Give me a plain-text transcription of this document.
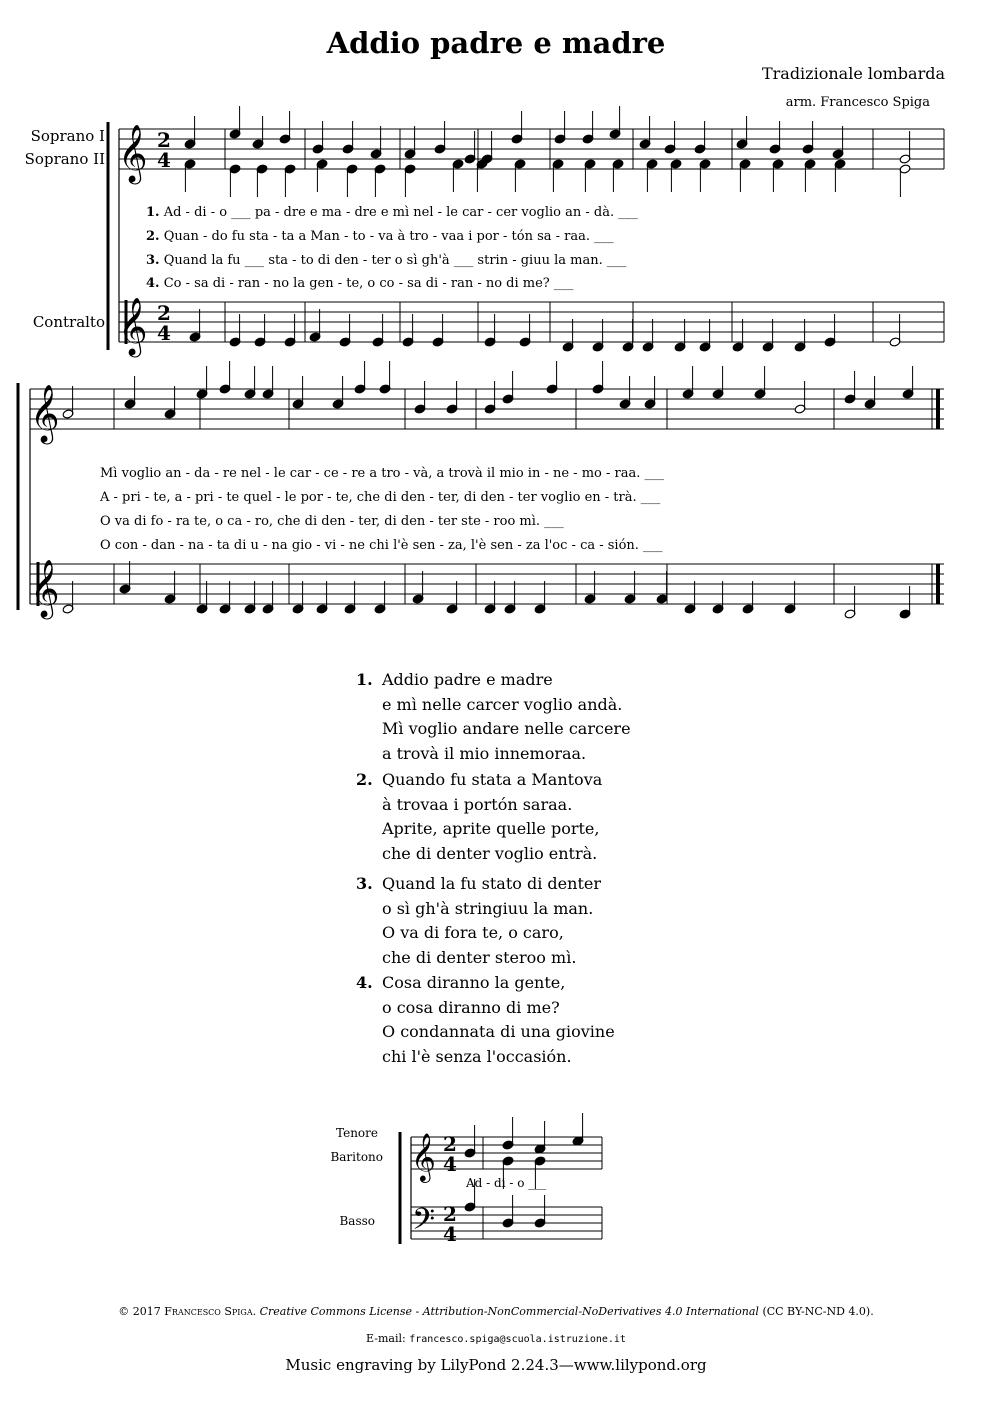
Addio padre e madre
Tradizionale lombarda
arm. Francesco Spiga
Soprano I
Soprano II
Contralto
𝄞
𝄞
𝄞
𝄞
2
4
2
4
𝄞
𝄢
2
4
2
4
1. Ad - di - o ___ pa - dre e ma - dre e mì nel - le car - cer voglio an - dà. ___
2. Quan - do fu sta - ta a Man - to - va à tro - vaa i por - tón sa - raa. ___
3. Quand la fu ___ sta - to di den - ter o sì gh'à ___ strin - giuu la man. ___
4. Co - sa di - ran - no la gen - te, o co - sa di - ran - no di me? ___
Mì voglio an - da - re nel - le car - ce - re a tro - và, a trovà il mio in - ne - mo - raa. ___
A - pri - te, a - pri - te quel - le por - te, che di den - ter, di den - ter voglio en - trà. ___
O va di fo - ra te, o ca - ro, che di den - ter, di den - ter ste - roo mì. ___
O con - dan - na - ta di u - na gio - vi - ne chi l'è sen - za, l'è sen - za l'oc - ca - sión. ___
1. Addio padre e madre
e mì nelle carcer voglio andà.
Mì voglio andare nelle carcere
a trovà il mio innemoraa.
2. Quando fu stata a Mantova
à trovaa i portón saraa.
Aprite, aprite quelle porte,
che di denter voglio entrà.
3. Quand la fu stato di denter
o sì gh'à stringiuu la man.
O va di fora te, o caro,
che di denter steroo mì.
4. Cosa diranno la gente,
o cosa diranno di me?
O condannata di una giovine
chi l'è senza l'occasión.
Tenore
Baritono
Basso
Ad - di - o ___
© 2017 Francesco Spiga. Creative Commons License - Attribution-NonCommercial-NoDerivatives 4.0 International (CC BY-NC-ND 4.0).
E-mail: francesco.spiga@scuola.istruzione.it
Music engraving by LilyPond 2.24.3—www.lilypond.org
